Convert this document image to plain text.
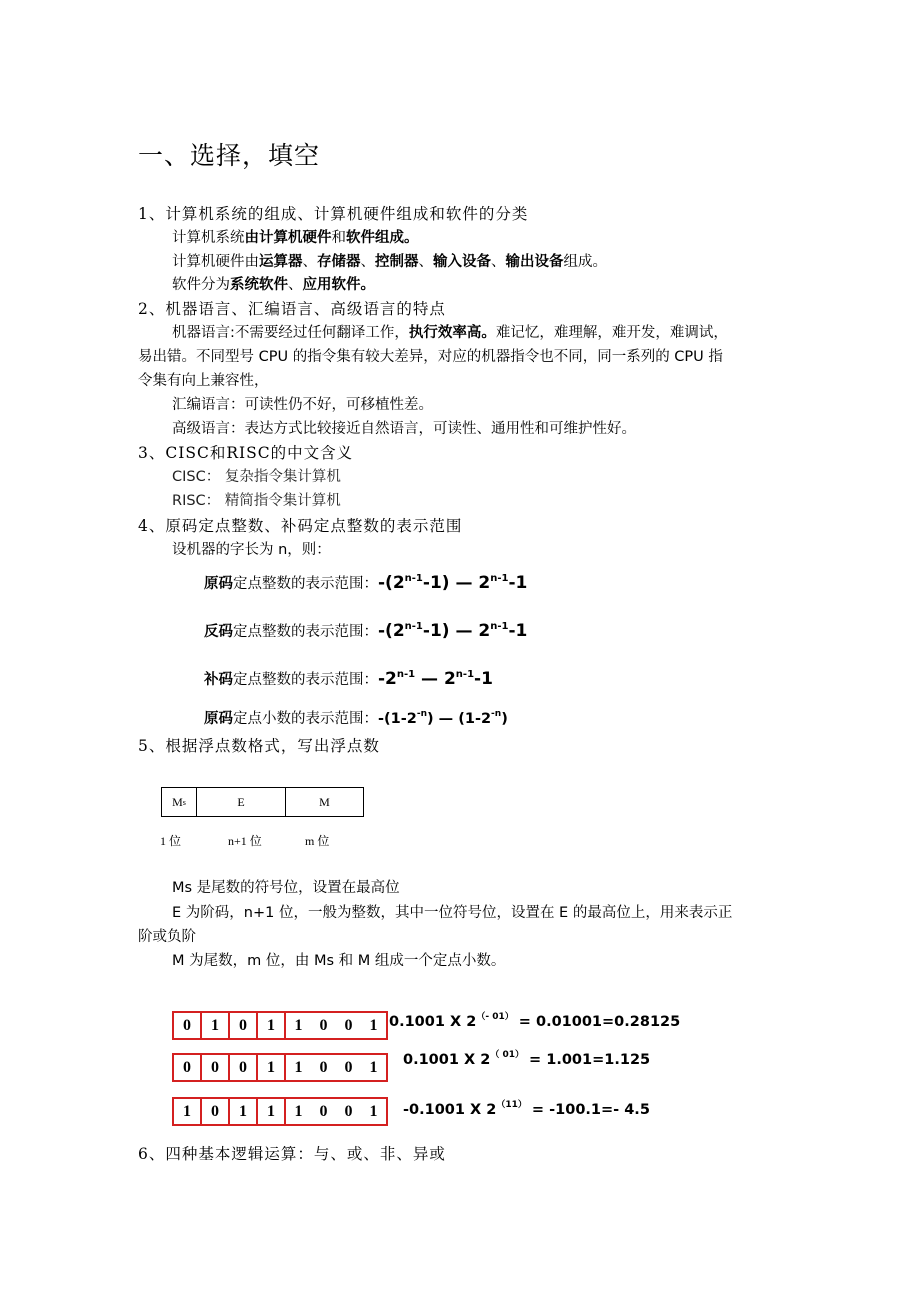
一、选择，填空
1、计算机系统的组成、计算机硬件组成和软件的分类
计算机系统由计算机硬件和软件组成。
计算机硬件由运算器、存储器、控制器、输入设备、输出设备组成。
软件分为系统软件、应用软件。
2、机器语言、汇编语言、高级语言的特点
机器语言:不需要经过任何翻译工作，执行效率高。难记忆，难理解，难开发，难调试，
易出错。不同型号 CPU 的指令集有较大差异，对应的机器指令也不同，同一系列的 CPU 指
令集有向上兼容性，
汇编语言：可读性仍不好，可移植性差。
高级语言：表达方式比较接近自然语言，可读性、通用性和可维护性好。
3、CISC和RISC的中文含义
CISC： 复杂指令集计算机
RISC： 精简指令集计算机
4、原码定点整数、补码定点整数的表示范围
设机器的字长为 n，则：
原码定点整数的表示范围：-(2$^{n-1}$-1) — 2$^{n-1}$-1
反码定点整数的表示范围：-(2$^{n-1}$-1) — 2$^{n-1}$-1
补码定点整数的表示范围：-2$^{n-1}$ — 2$^{n-1}$-1
原码定点小数的表示范围：$-(1-2^{-n})$ — $(1-2^{-n})$
5、根据浮点数格式，写出浮点数
M s	E	M
1 位	n+1 位	m 位
Ms 是尾数的符号位，设置在最高位
E 为阶码，n+1 位，一般为整数，其中一位符号位，设置在 E 的最高位上，用来表示正
阶或负阶
M 为尾数，m 位，由 Ms 和 M 组成一个定点小数。
0	1	0	1	1	0	0	1 0.1001 X $2^{(- 01)} = 0.01001=0.28125$
0	0	0	1	1	0	0	1	0.1001 X $2^{( 01)} = 1.001=1.125$
1	0	1	1	1	0	0	1	-0.1001 X $2^{(11)} = -100.1=-$ 4.5
6、四种基本逻辑运算：与、或、非、异或
